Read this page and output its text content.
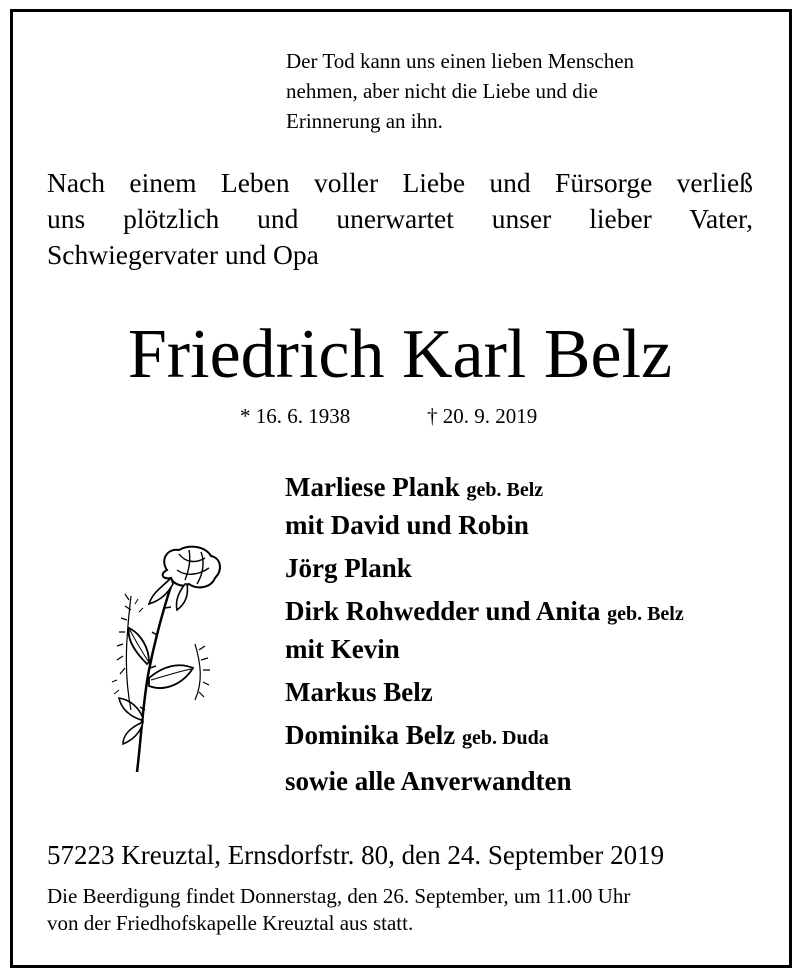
Der Tod kann uns einen lieben Menschen
nehmen, aber nicht die Liebe und die
Erinnerung an ihn.
Nach einem Leben voller Liebe und Fürsorge verließ
uns plötzlich und unerwartet unser lieber Vater,
Schwiegervater und Opa
Friedrich Karl Belz
* 16. 6. 1938	† 20. 9. 2019
Marliese Plank geb. Belz
mit David und Robin
Jörg Plank
Dirk Rohwedder und Anita geb. Belz
mit Kevin
Markus Belz
Dominika Belz geb. Duda
sowie alle Anverwandten
57223 Kreuztal, Ernsdorfstr. 80, den 24. September 2019
Die Beerdigung findet Donnerstag, den 26. September, um 11.00 Uhr
von der Friedhofskapelle Kreuztal aus statt.
